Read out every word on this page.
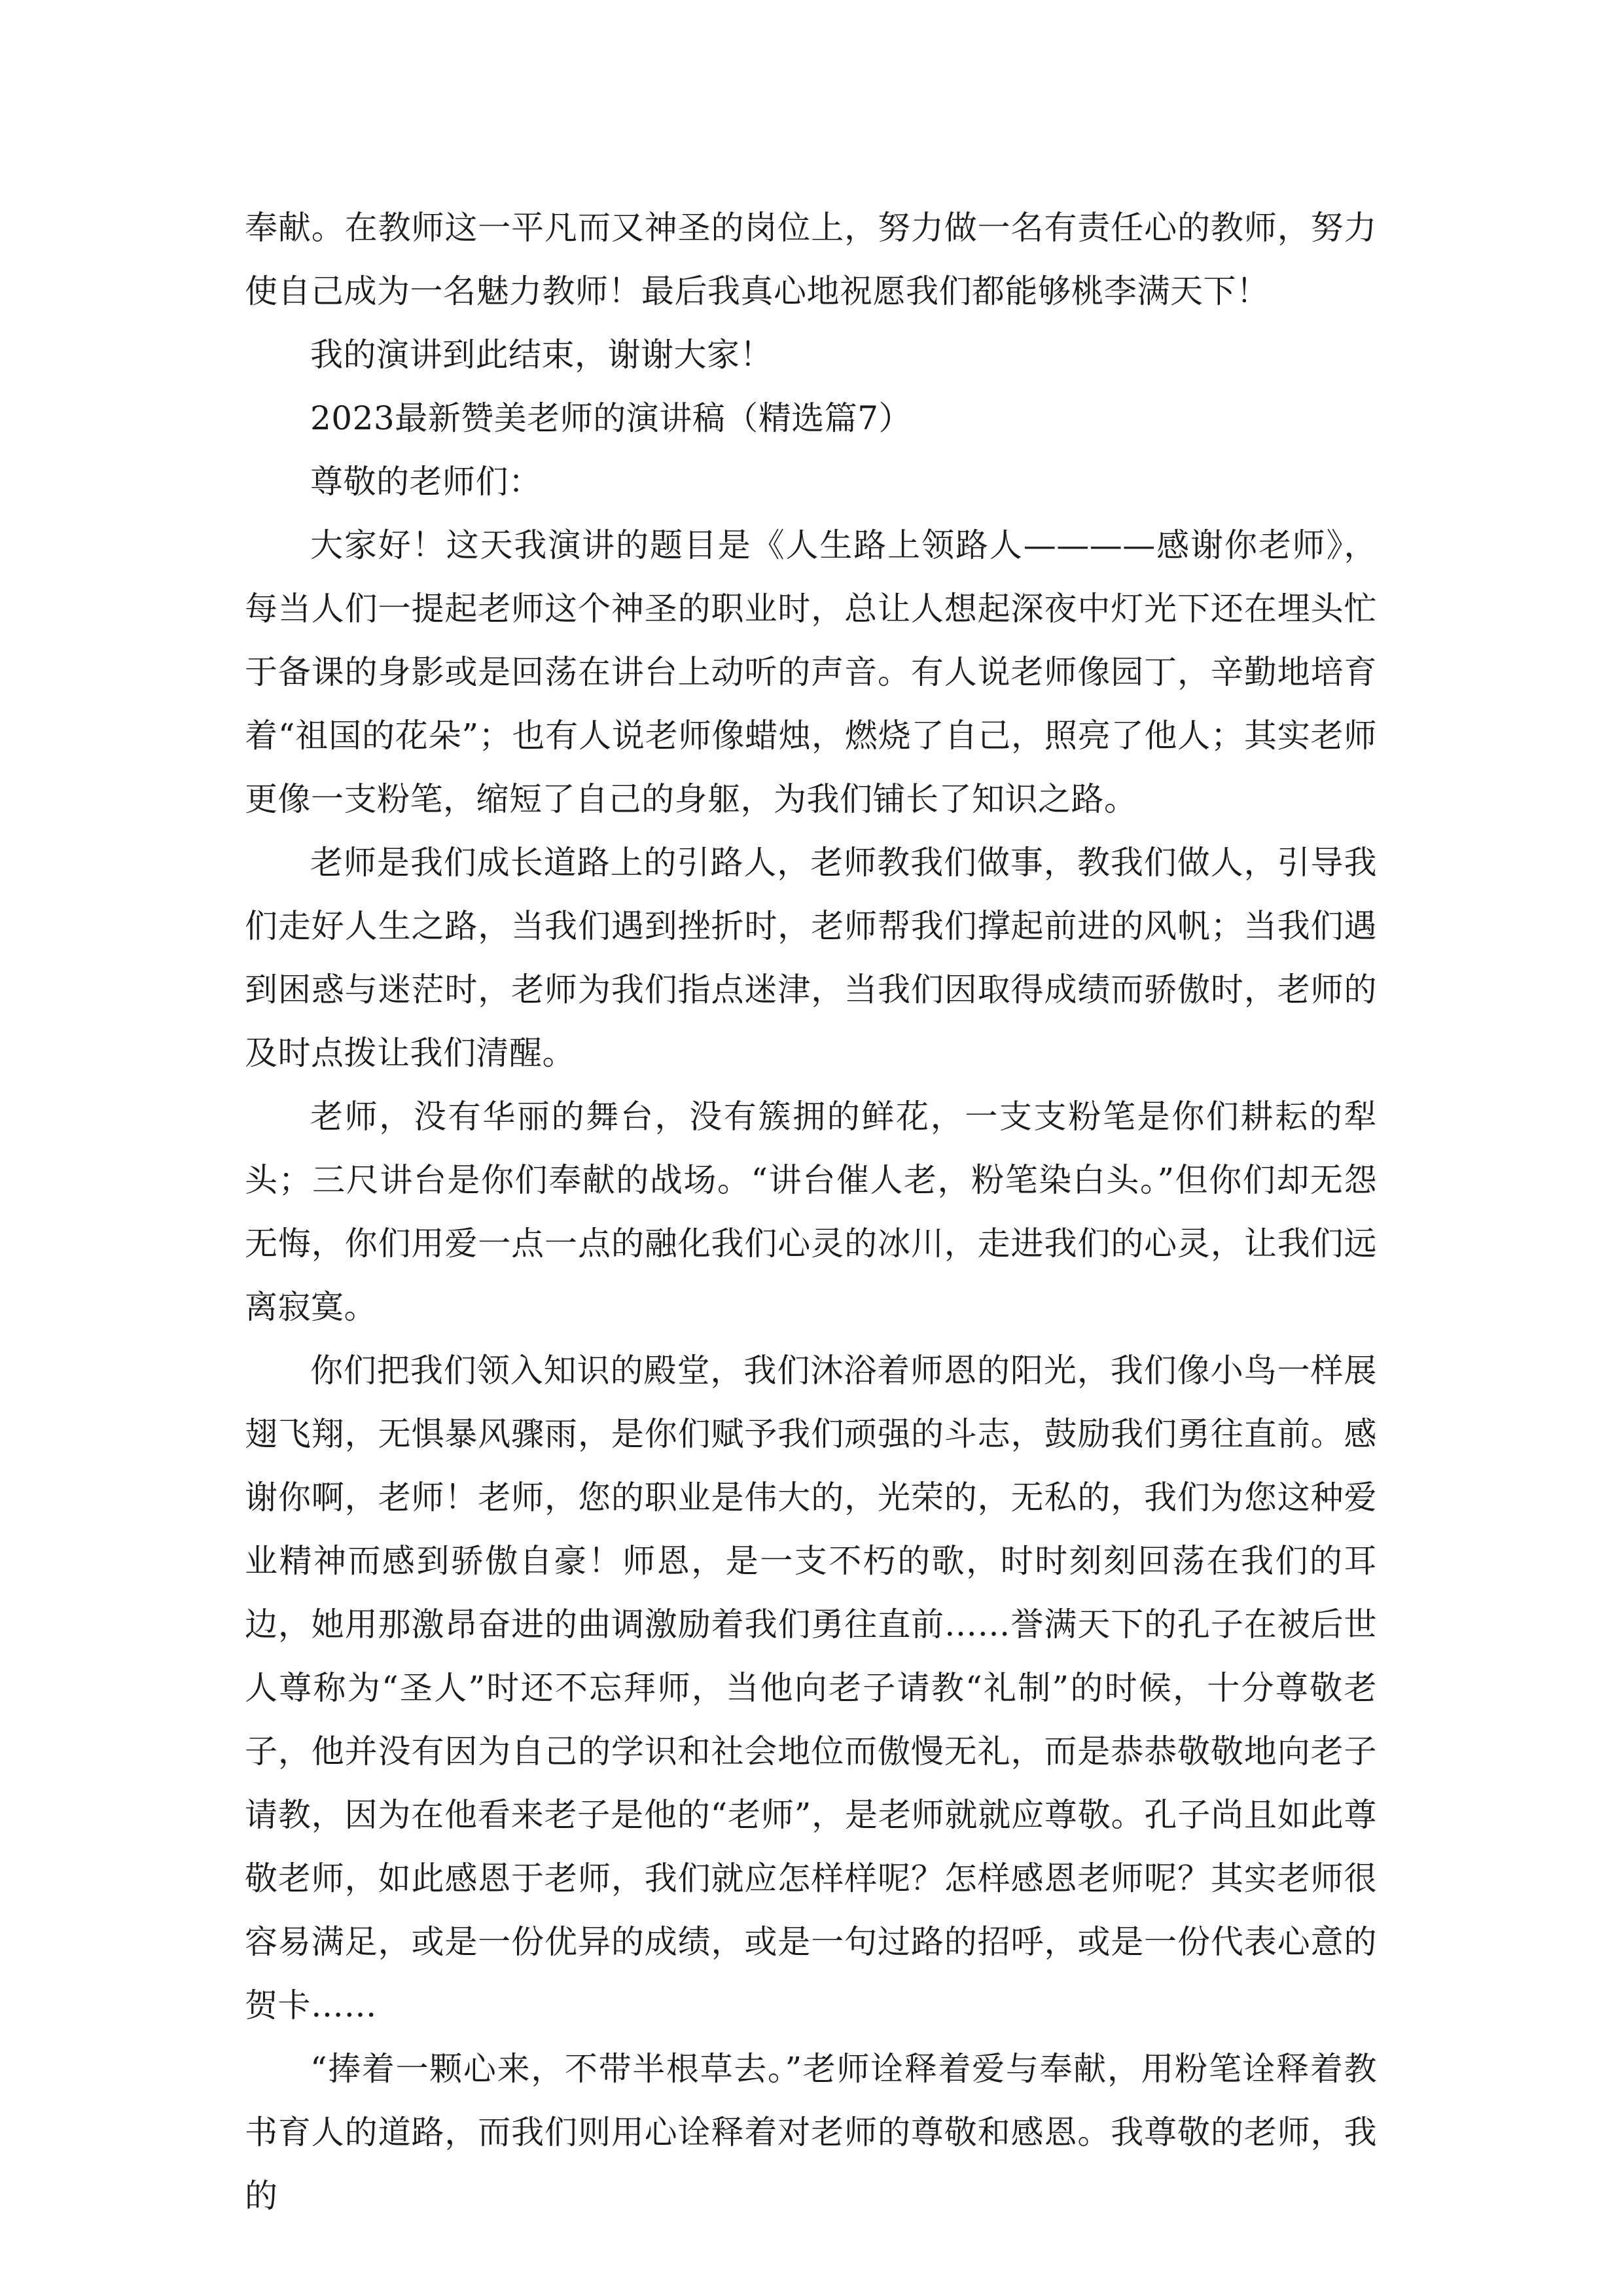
奉献。在教师这一平凡而又神圣的岗位上，努力做一名有责任心的教师，努力使自己成为一名魅力教师！最后我真心地祝愿我们都能够桃李满天下！

我的演讲到此结束，谢谢大家！

2023最新赞美老师的演讲稿（精选篇7）

尊敬的老师们：

大家好！这天我演讲的题目是《人生路上领路人————感谢你老师》，每当人们一提起老师这个神圣的职业时，总让人想起深夜中灯光下还在埋头忙于备课的身影或是回荡在讲台上动听的声音。有人说老师像园丁，辛勤地培育着“祖国的花朵”；也有人说老师像蜡烛，燃烧了自己，照亮了他人；其实老师更像一支粉笔，缩短了自己的身躯，为我们铺长了知识之路。

老师是我们成长道路上的引路人，老师教我们做事，教我们做人，引导我们走好人生之路，当我们遇到挫折时，老师帮我们撑起前进的风帆；当我们遇到困惑与迷茫时，老师为我们指点迷津，当我们因取得成绩而骄傲时，老师的及时点拨让我们清醒。

老师，没有华丽的舞台，没有簇拥的鲜花，一支支粉笔是你们耕耘的犁头；三尺讲台是你们奉献的战场。“讲台催人老，粉笔染白头。”但你们却无怨无悔，你们用爱一点一点的融化我们心灵的冰川，走进我们的心灵，让我们远离寂寞。

你们把我们领入知识的殿堂，我们沐浴着师恩的阳光，我们像小鸟一样展翅飞翔，无惧暴风骤雨，是你们赋予我们顽强的斗志，鼓励我们勇往直前。感谢你啊，老师！老师，您的职业是伟大的，光荣的，无私的，我们为您这种爱业精神而感到骄傲自豪！师恩，是一支不朽的歌，时时刻刻回荡在我们的耳边，她用那激昂奋进的曲调激励着我们勇往直前……誉满天下的孔子在被后世人尊称为“圣人”时还不忘拜师，当他向老子请教“礼制”的时候，十分尊敬老子，他并没有因为自己的学识和社会地位而傲慢无礼，而是恭恭敬敬地向老子请教，因为在他看来老子是他的“老师”，是老师就就应尊敬。孔子尚且如此尊敬老师，如此感恩于老师，我们就应怎样样呢？怎样感恩老师呢？其实老师很容易满足，或是一份优异的成绩，或是一句过路的招呼，或是一份代表心意的贺卡……

“捧着一颗心来，不带半根草去。”老师诠释着爱与奉献，用粉笔诠释着教书育人的道路，而我们则用心诠释着对老师的尊敬和感恩。我尊敬的老师，我的
